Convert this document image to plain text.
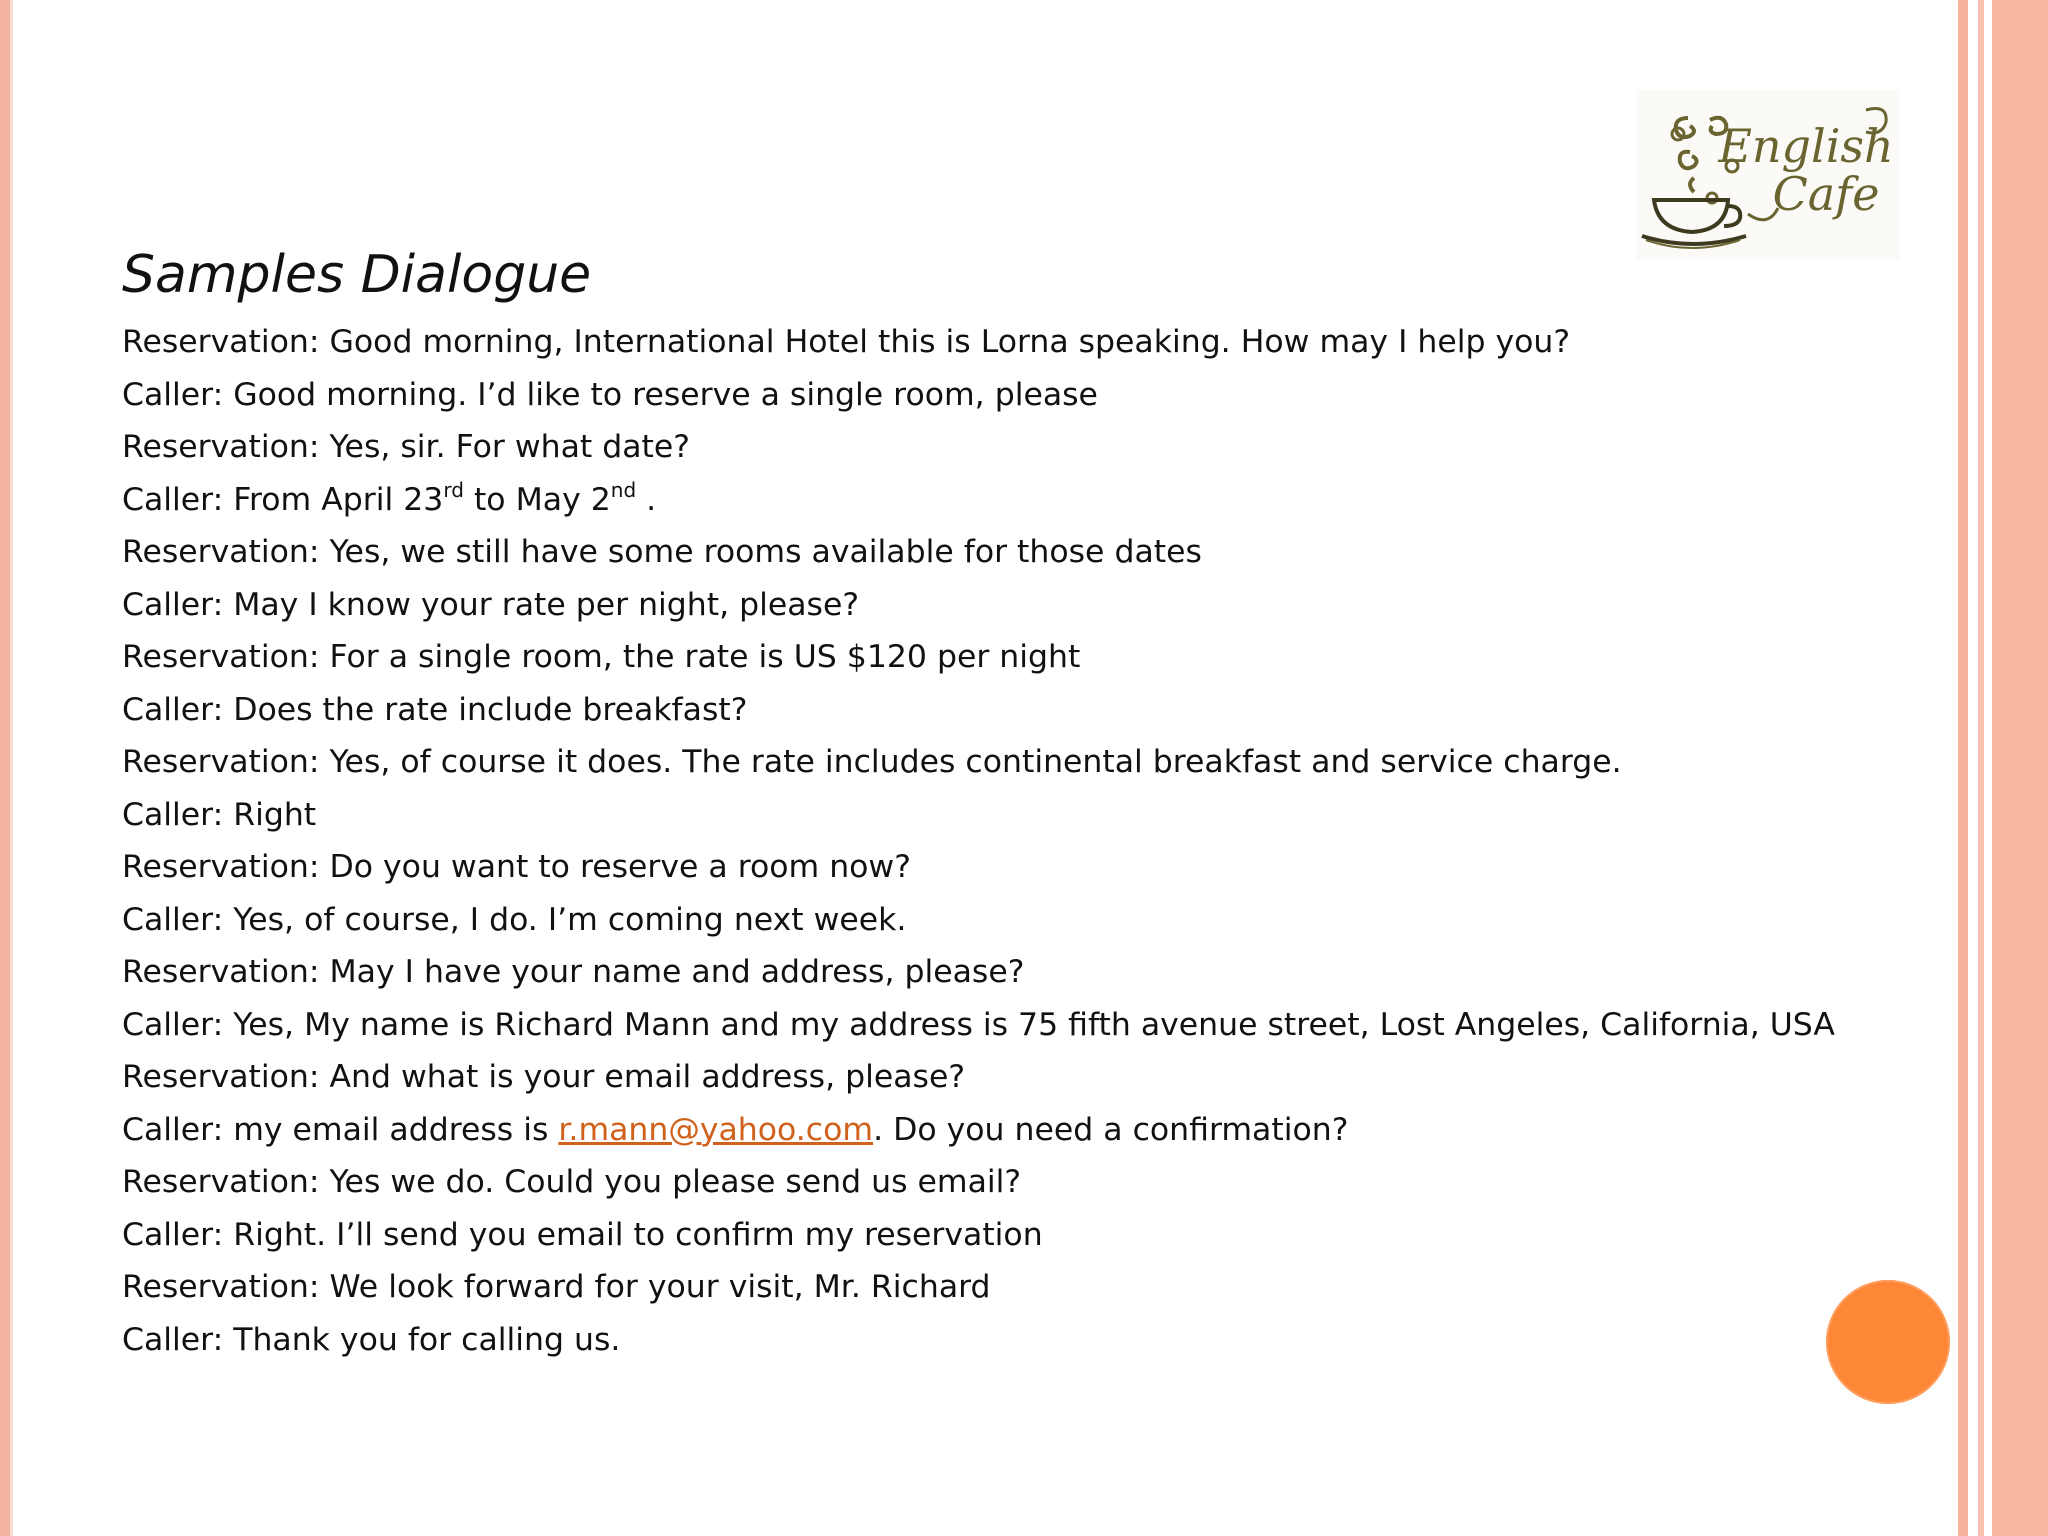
English
Cafe
Samples Dialogue
Reservation: Good morning, International Hotel this is Lorna speaking. How may I help you?
Caller: Good morning. I’d like to reserve a single room, please
Reservation: Yes, sir. For what date?
Caller: From April 23rd to May 2nd .
Reservation: Yes, we still have some rooms available for those dates
Caller: May I know your rate per night, please?
Reservation: For a single room, the rate is US $120 per night
Caller: Does the rate include breakfast?
Reservation: Yes, of course it does. The rate includes continental breakfast and service charge.
Caller: Right
Reservation: Do you want to reserve a room now?
Caller: Yes, of course, I do. I’m coming next week.
Reservation: May I have your name and address, please?
Caller: Yes, My name is Richard Mann and my address is 75 fifth avenue street, Lost Angeles, California, USA
Reservation: And what is your email address, please?
Caller: my email address is r.mann@yahoo.com. Do you need a confirmation?
Reservation: Yes we do. Could you please send us email?
Caller: Right. I’ll send you email to confirm my reservation
Reservation: We look forward for your visit, Mr. Richard
Caller: Thank you for calling us.
